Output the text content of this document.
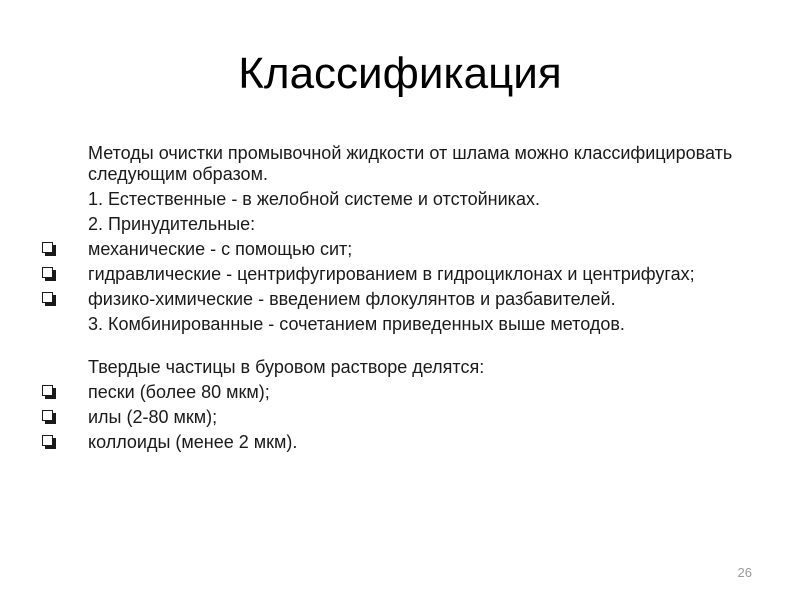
Классификация
Методы очистки промывочной жидкости от шлама можно классифицировать следующим образом.
1. Естественные - в желобной системе и отстойниках.
2. Принудительные:
механические - с помощью сит;
гидравлические - центрифугированием в гидроциклонах и центрифугах;
физико-химические - введением флокулянтов и разбавителей.
3. Комбинированные - сочетанием приведенных выше методов.
Твердые частицы в буровом растворе делятся:
пески (более 80 мкм);
илы (2-80 мкм);
коллоиды (менее 2 мкм).
26
